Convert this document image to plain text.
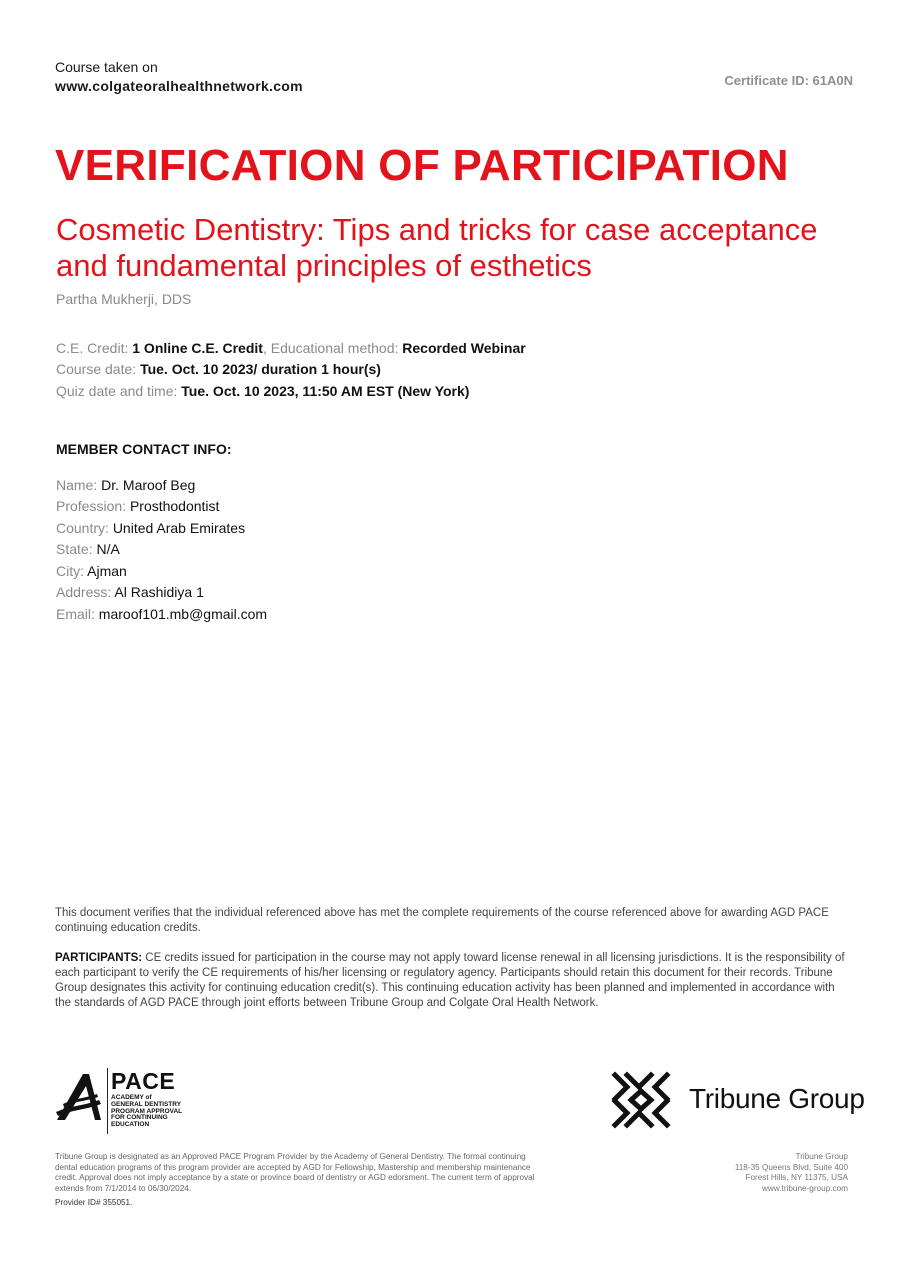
Course taken on
www.colgateoralhealthnetwork.com	Certificate ID: 61A0N
VERIFICATION OF PARTICIPATION
Cosmetic Dentistry: Tips and tricks for case acceptance and fundamental principles of esthetics
Partha Mukherji, DDS
C.E. Credit: 1 Online C.E. Credit, Educational method: Recorded Webinar
Course date: Tue. Oct. 10 2023/ duration 1 hour(s)
Quiz date and time: Tue. Oct. 10 2023, 11:50 AM EST (New York)
MEMBER CONTACT INFO:
Name: Dr. Maroof Beg
Profession: Prosthodontist
Country: United Arab Emirates
State: N/A
City: Ajman
Address: Al Rashidiya 1
Email: maroof101.mb@gmail.com
This document verifies that the individual referenced above has met the complete requirements of the course referenced above for awarding AGD PACE continuing education credits.
PARTICIPANTS: CE credits issued for participation in the course may not apply toward license renewal in all licensing jurisdictions. It is the responsibility of each participant to verify the CE requirements of his/her licensing or regulatory agency. Participants should retain this document for their records. Tribune Group designates this activity for continuing education credit(s). This continuing education activity has been planned and implemented in accordance with the standards of AGD PACE through joint efforts between Tribune Group and Colgate Oral Health Network.
PACE
ACADEMY of
GENERAL DENTISTRY
PROGRAM APPROVAL
FOR CONTINUING
EDUCATION
Tribune Group
Tribune Group is designated as an Approved PACE Program Provider by the Academy of General Dentistry. The formal continuing dental education programs of this program provider are accepted by AGD for Fellowship, Mastership and membership maintenance credit. Approval does not imply acceptance by a state or province board of dentistry or AGD edorsment. The current term of approval extends from 7/1/2014 to 06/30/2024.
Provider ID# 355051.
Tribune Group
118-35 Queens Blvd, Suite 400
Forest Hills, NY 11375, USA
www.tribune-group.com
